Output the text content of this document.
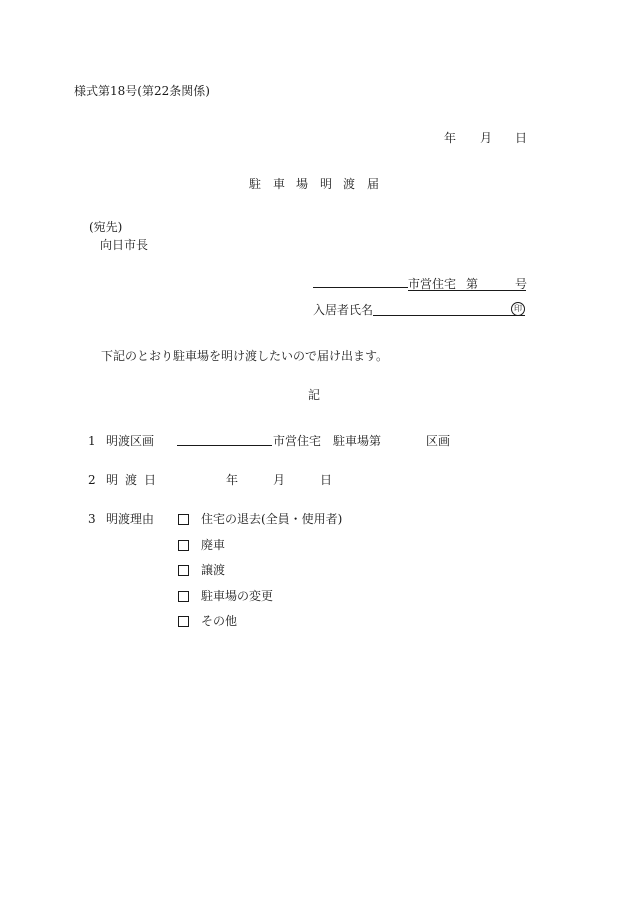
様式第18号(第22条関係)
年 月 日
駐 車 場 明 渡 届
(宛先)
向日市長
市営住宅 第	号
入居者氏名	印
下記のとおり駐車場を明け渡したいので届け出ます。
記
1 明渡区画	市営住宅 駐車場第	区画
2 明 渡 日	年	月	日
3 明渡理由	住宅の退去(全員・使用者)
廃車
譲渡
駐車場の変更
その他
